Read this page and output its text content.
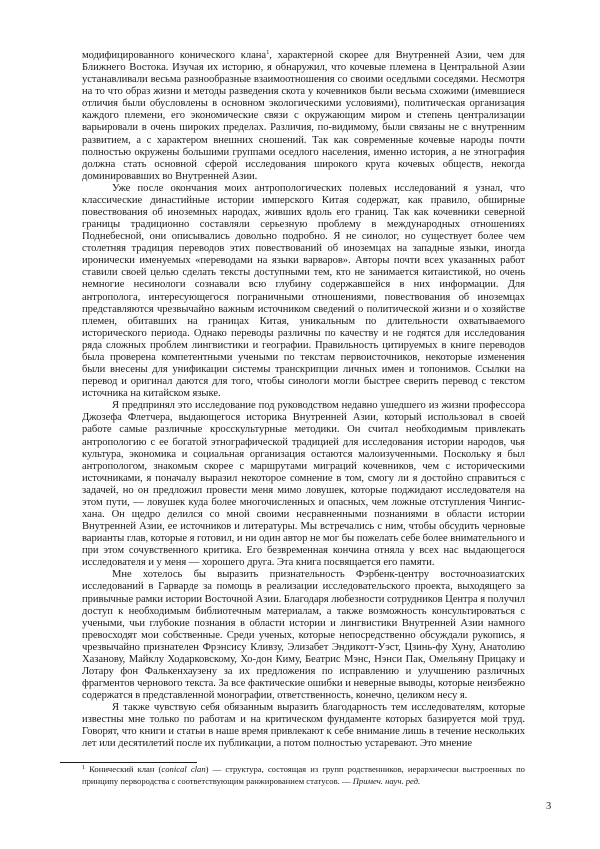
модифицированного конического клана$^1$, характерной скорее для Внутренней Азии, чем для Ближнего Востока. Изучая их историю, я обнаружил, что кочевые племена в Центральной Азии устанавливали весьма разнообразные взаимоотношения со своими оседлыми соседями. Несмотря на то что образ жизни и методы разведения скота у кочевников были весьма схожими (имевшиеся отличия были обусловлены в основном экологическими условиями), политическая организация каждого племени, его экономические связи с окружающим миром и степень централизации варьировали в очень широких пределах. Различия, по-видимому, были связаны не с внутренним развитием, а с характером внешних сношений. Так как современные кочевые народы почти полностью окружены большими группами оседлого населения, именно история, а не этнография должна стать основной сферой исследования широкого круга кочевых обществ, некогда доминировавших во Внутренней Азии.

Уже после окончания моих антропологических полевых исследований я узнал, что классические династийные истории имперского Китая содержат, как правило, обширные повествования об иноземных народах, живших вдоль его границ. Так как кочевники северной границы традиционно составляли серьезную проблему в международных отношениях Поднебесной, они описывались довольно подробно. Я не синолог, но существует более чем столетняя традиция переводов этих повествований об иноземцах на западные языки, иногда иронически именуемых «переводами на языки варваров». Авторы почти всех указанных работ ставили своей целью сделать тексты доступными тем, кто не занимается китаистикой, но очень немногие несинологи сознавали всю глубину содержавшейся в них информации. Для антрополога, интересующегося пограничными отношениями, повествования об иноземцах представляются чрезвычайно важным источником сведений о политической жизни и о хозяйстве племен, обитавших на границах Китая, уникальным по длительности охватываемого исторического периода. Однако переводы различны по качеству и не годятся для исследования ряда сложных проблем лингвистики и географии. Правильность цитируемых в книге переводов была проверена компетентными учеными по текстам первоисточников, некоторые изменения были внесены для унификации системы транскрипции личных имен и топонимов. Ссылки на перевод и оригинал даются для того, чтобы синологи могли быстрее сверить перевод с текстом источника на китайском языке.

Я предпринял это исследование под руководством недавно ушедшего из жизни профессора Джозефа Флетчера, выдающегося историка Внутренней Азии, который использовал в своей работе самые различные кросскультурные методики. Он считал необходимым привлекать антропологию с ее богатой этнографической традицией для исследования истории народов, чья культура, экономика и социальная организация остаются малоизученными. Поскольку я был антропологом, знакомым скорее с маршрутами миграций кочевников, чем с историческими источниками, я поначалу выразил некоторое сомнение в том, смогу ли я достойно справиться с задачей, но он предложил провести меня мимо ловушек, которые поджидают исследователя на этом пути, — ловушек куда более многочисленных и опасных, чем ложные отступления Чингис-хана. Он щедро делился со мной своими несравненными познаниями в области истории Внутренней Азии, ее источников и литературы. Мы встречались с ним, чтобы обсудить черновые варианты глав, которые я готовил, и ни один автор не мог бы пожелать себе более внимательного и при этом сочувственного критика. Его безвременная кончина отняла у всех нас выдающегося исследователя и у меня — хорошего друга. Эта книга посвящается его памяти.

Мне хотелось бы выразить признательность Фэрбенк-центру восточноазиатских исследований в Гарварде за помощь в реализации исследовательского проекта, выходящего за привычные рамки истории Восточной Азии. Благодаря любезности сотрудников Центра я получил доступ к необходимым библиотечным материалам, а также возможность консультироваться с учеными, чьи глубокие познания в области истории и лингвистики Внутренней Азии намного превосходят мои собственные. Среди ученых, которые непосредственно обсуждали рукопись, я чрезвычайно признателен Фрэнсису Кливзу, Элизабет Эндикотт-Уэст, Цзинь-фу Хуну, Анатолию Хазанову, Майклу Ходарковскому, Хо-дон Киму, Беатрис Мэнс, Нэнси Пак, Омельяну Прицаку и Лотару фон Фалькенхаузену за их предложения по исправлению и улучшению различных фрагментов чернового текста. За все фактические ошибки и неверные выводы, которые неизбежно содержатся в представленной монографии, ответственность, конечно, целиком несу я.

Я также чувствую себя обязанным выразить благодарность тем исследователям, которые известны мне только по работам и на критическом фундаменте которых базируется мой труд. Говорят, что книги и статьи в наше время привлекают к себе внимание лишь в течение нескольких лет или десятилетий после их публикации, а потом полностью устаревают. Это мнение

$^1$ Конический клан (conical clan) — структура, состоящая из групп родственников, иерархически выстроенных по принципу первородства с соответствующим ранжированием статусов. — Примеч. науч. ред.

3
